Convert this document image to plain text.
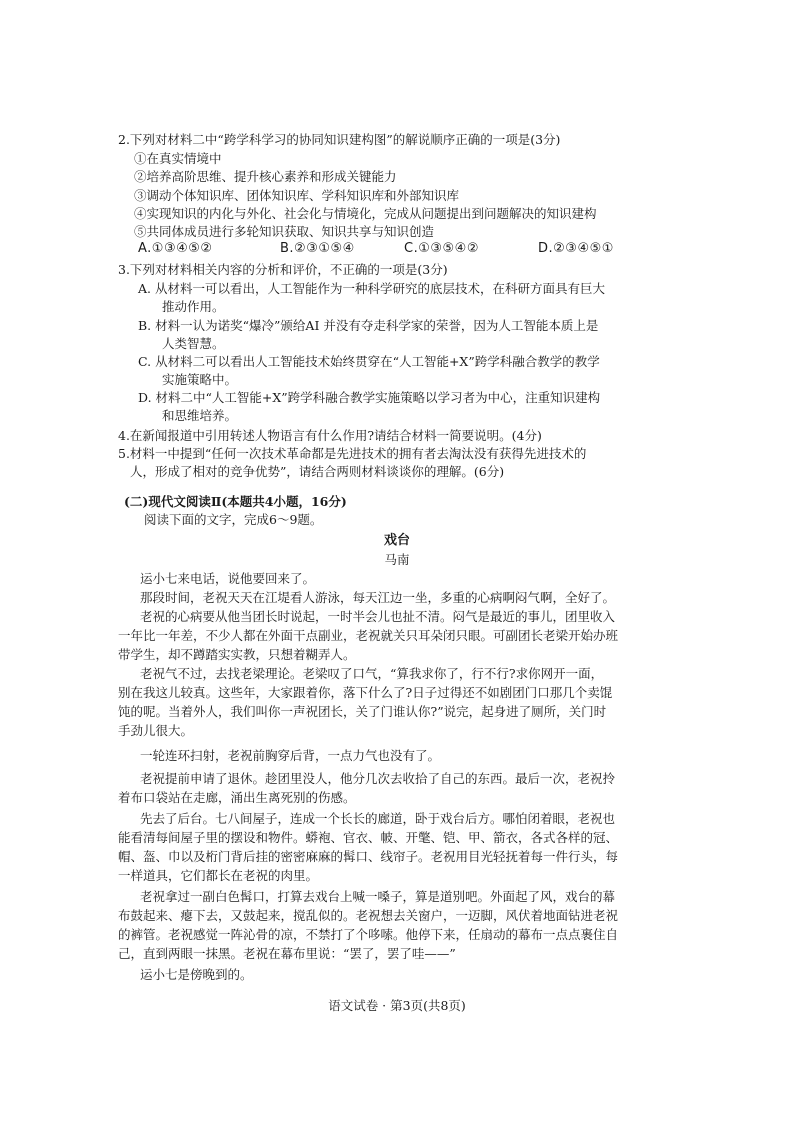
2.下列对材料二中“跨学科学习的协同知识建构图”的解说顺序正确的一项是(3分)
①在真实情境中
②培养高阶思维、提升核心素养和形成关键能力
③调动个体知识库、团体知识库、学科知识库和外部知识库
④实现知识的内化与外化、社会化与情境化，完成从问题提出到问题解决的知识建构
⑤共同体成员进行多轮知识获取、知识共享与知识创造
A.①③④⑤②	B.②③①⑤④	C.①③⑤④②	D.②③④⑤①
3.下列对材料相关内容的分析和评价，不正确的一项是(3分)
A. 从材料一可以看出，人工智能作为一种科学研究的底层技术，在科研方面具有巨大
推动作用。
B. 材料一认为诺奖“爆冷”颁给AI 并没有夺走科学家的荣誉，因为人工智能本质上是
人类智慧。
C. 从材料二可以看出人工智能技术始终贯穿在“人工智能+X”跨学科融合教学的教学
实施策略中。
D. 材料二中“人工智能+X”跨学科融合教学实施策略以学习者为中心，注重知识建构
和思维培养。
4.在新闻报道中引用转述人物语言有什么作用?请结合材料一简要说明。(4分)
5.材料一中提到“任何一次技术革命都是先进技术的拥有者去淘汰没有获得先进技术的
人，形成了相对的竞争优势”，请结合两则材料谈谈你的理解。(6分)
(二)现代文阅读Ⅱ(本题共4小题，16分)
阅读下面的文字，完成6～9题。
戏台
马南
运小七来电话，说他要回来了。
那段时间，老祝天天在江堤看人游泳，每天江边一坐，多重的心病啊闷气啊，全好了。
老祝的心病要从他当团长时说起，一时半会儿也扯不清。闷气是最近的事儿，团里收入
一年比一年差，不少人都在外面干点副业，老祝就关只耳朵闭只眼。可副团长老梁开始办班
带学生，却不蹲踏实实教，只想着糊弄人。
老祝气不过，去找老梁理论。老梁叹了口气，“算我求你了，行不行?求你网开一面，
别在我这儿较真。这些年，大家跟着你，落下什么了?日子过得还不如剧团门口那几个卖馄
饨的呢。当着外人，我们叫你一声祝团长，关了门谁认你?”说完，起身进了厕所，关门时
手劲儿很大。
一轮连环扫射，老祝前胸穿后背，一点力气也没有了。
老祝提前申请了退休。趁团里没人，他分几次去收拾了自己的东西。最后一次，老祝拎
着布口袋站在走廊，涌出生离死别的伤感。
先去了后台。七八间屋子，连成一个长长的廊道，卧于戏台后方。哪怕闭着眼，老祝也
能看清每间屋子里的摆设和物件。蟒袍、官衣、帔、开氅、铠、甲、箭衣，各式各样的冠、
帽、盔、巾以及桁门背后挂的密密麻麻的髯口、线帘子。老祝用目光轻抚着每一件行头，每
一样道具，它们都长在老祝的肉里。
老祝拿过一副白色髯口，打算去戏台上喊一嗓子，算是道别吧。外面起了风，戏台的幕
布鼓起来、瘪下去，又鼓起来，搅乱似的。老祝想去关窗户，一迈脚，风伏着地面钻进老祝
的裤管。老祝感觉一阵沁骨的凉，不禁打了个哆嗦。他停下来，任扇动的幕布一点点裹住自
己，直到两眼一抹黑。老祝在幕布里说：“罢了，罢了哇——”
运小七是傍晚到的。
语文试卷 · 第3页(共8页)
